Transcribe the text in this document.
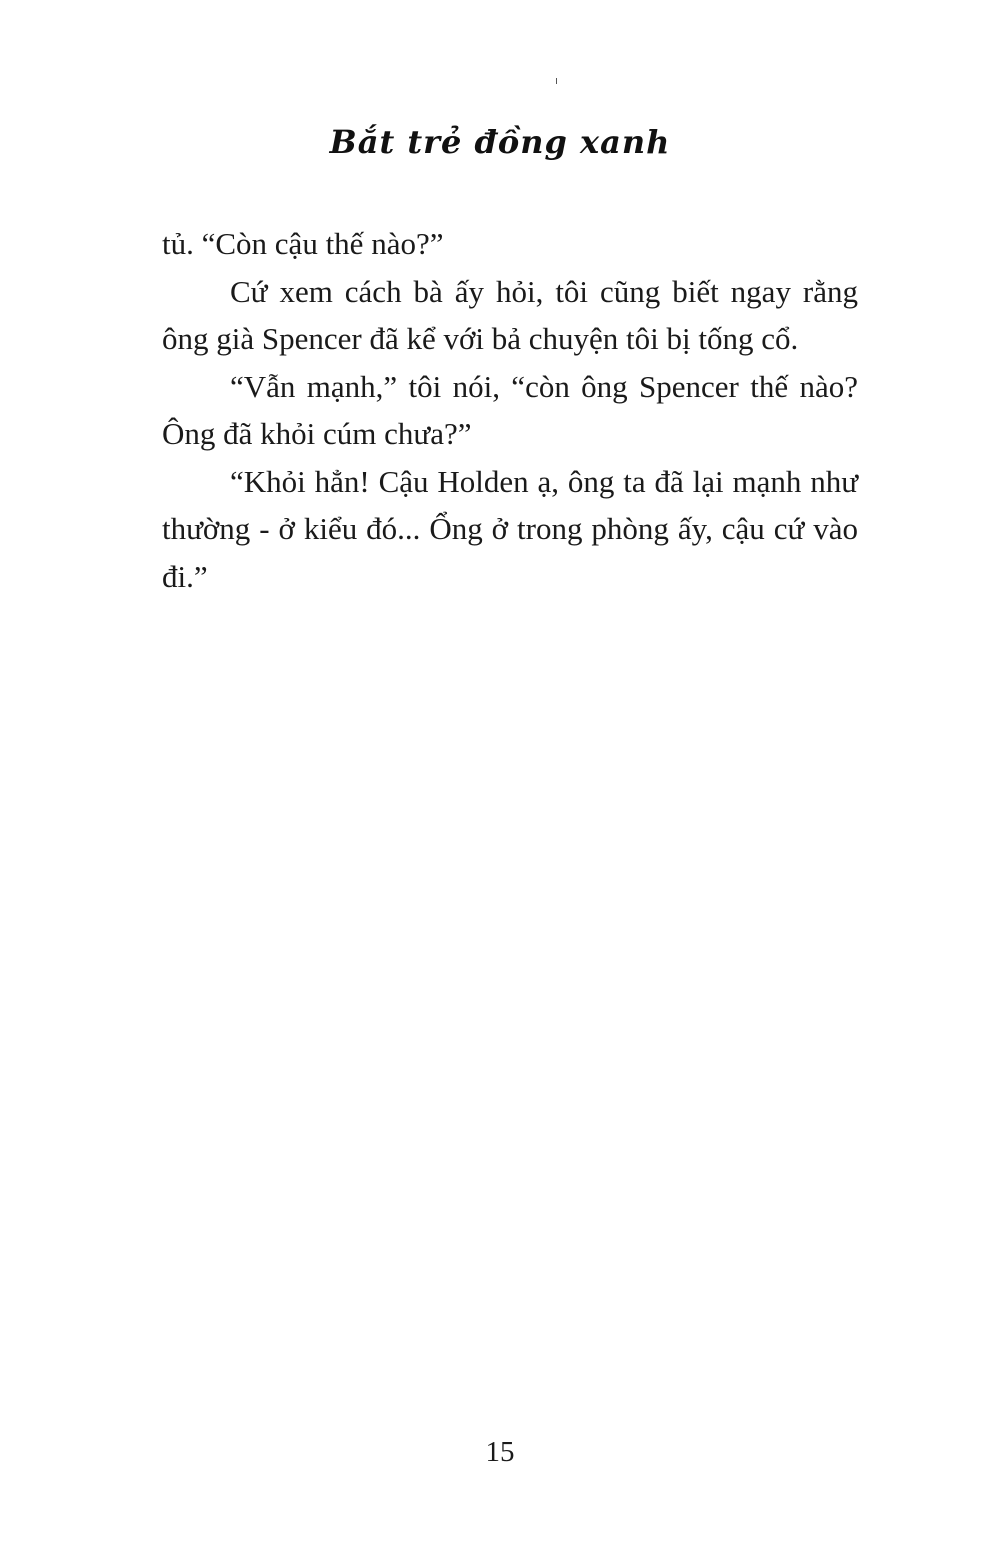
Bắt trẻ đồng xanh

tủ. “Còn cậu thế nào?”

Cứ xem cách bà ấy hỏi, tôi cũng biết ngay rằng ông già Spencer đã kể với bả chuyện tôi bị tống cổ.

“Vẫn mạnh,” tôi nói, “còn ông Spencer thế nào? Ông đã khỏi cúm chưa?”

“Khỏi hẳn! Cậu Holden ạ, ông ta đã lại mạnh như thường - ở kiểu đó... Ổng ở trong phòng ấy, cậu cứ vào đi.”

15
